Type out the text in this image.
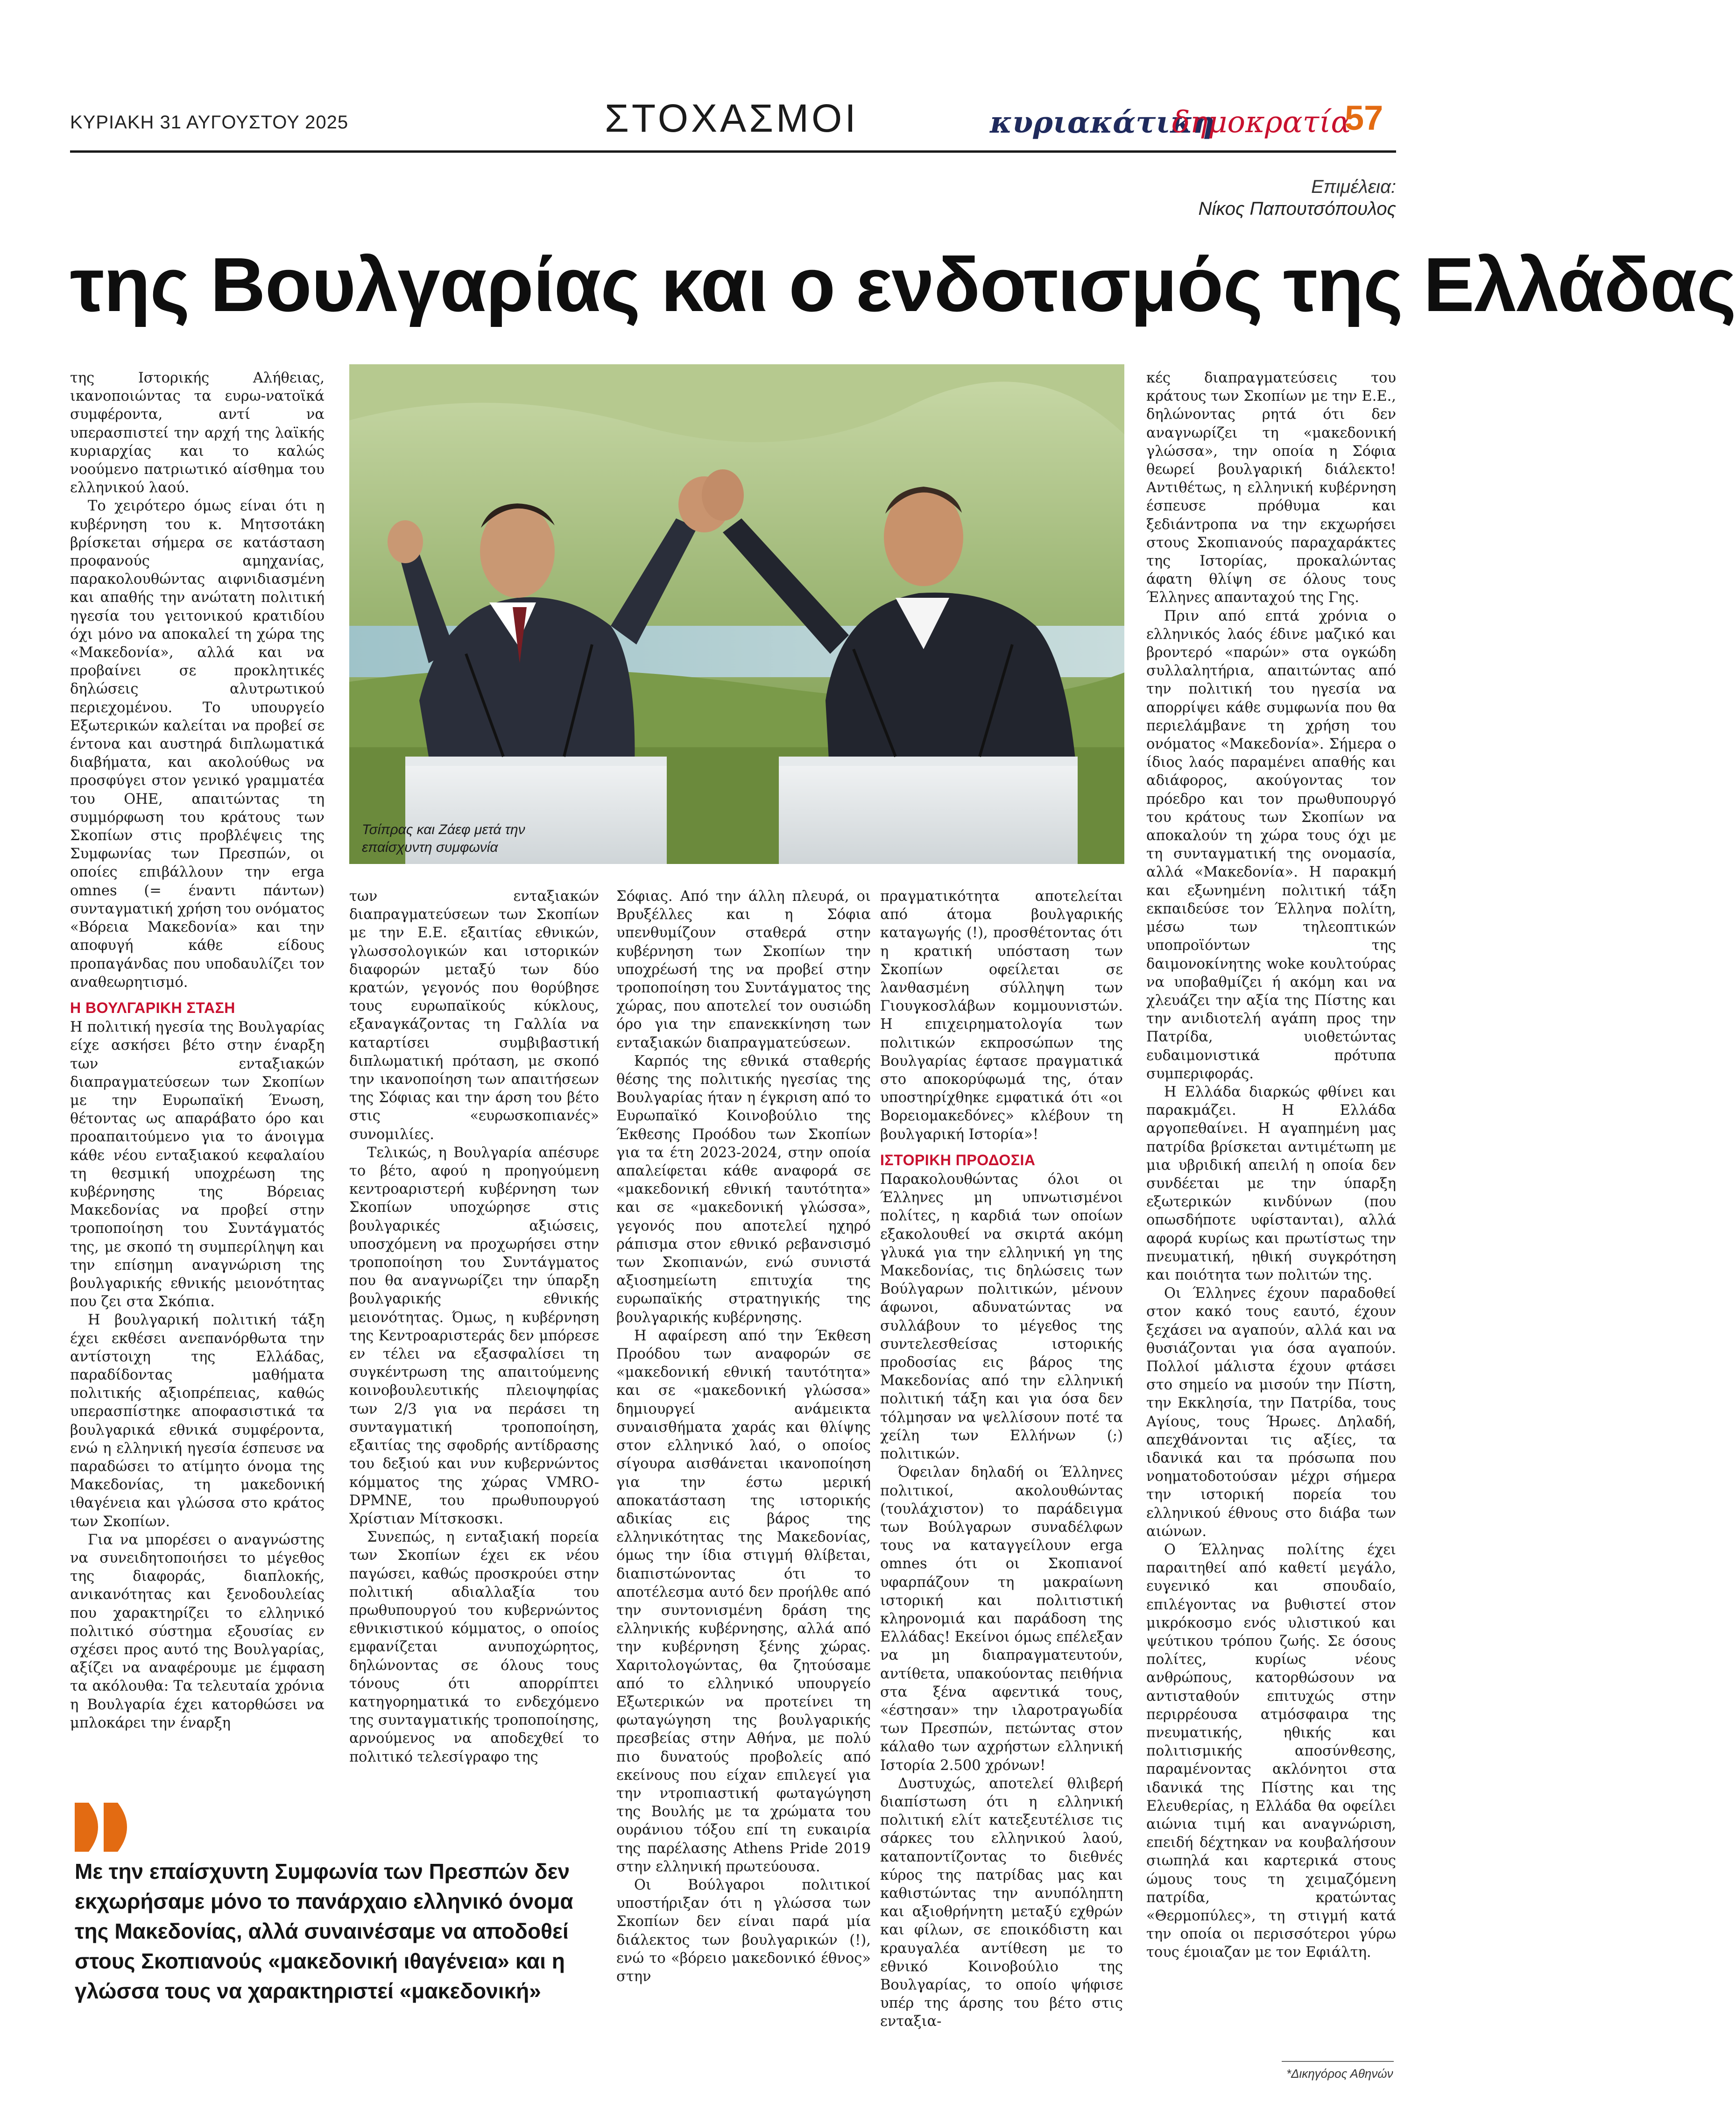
ΚΥΡΙΑΚΗ 31 ΑΥΓΟΥΣΤΟΥ 2025	ΣΤΟΧΑΣΜΟΙ	κυριακάτικη
δημοκρατία
57
Επιμέλεια:
Νίκος Παπουτσόπουλος
της Βουλγαρίας και ο ενδοτισμός της Ελλάδας

της Ιστορικής Αλήθειας, ικανοποιώντας τα ευρω-νατοϊκά συμφέροντα, αντί να υπερασπιστεί την αρχή της λαϊκής κυριαρχίας και το καλώς νοούμενο πατριωτικό αίσθημα του ελληνικού λαού.

Το χειρότερο όμως είναι ότι η κυβέρνηση του κ. Μητσοτάκη βρίσκεται σήμερα σε κατάσταση προφανούς αμηχανίας, παρακολουθώντας αιφνιδιασμένη και απαθής την ανώτατη πολιτική ηγεσία του γειτονικού κρατιδίου όχι μόνο να αποκαλεί τη χώρα της «Μακεδονία», αλλά και να προβαίνει σε προκλητικές δηλώσεις αλυτρωτικού περιεχομένου. Το υπουργείο Εξωτερικών καλείται να προβεί σε έντονα και αυστηρά διπλωματικά διαβήματα, και ακολούθως να προσφύγει στον γενικό γραμματέα του ΟΗΕ, απαιτώντας τη συμμόρφωση του κράτους των Σκοπίων στις προβλέψεις της Συμφωνίας των Πρεσπών, οι οποίες επιβάλλουν την erga omnes (= έναντι πάντων) συνταγματική χρήση του ονόματος «Βόρεια Μακεδονία» και την αποφυγή κάθε είδους προπαγάνδας που υποδαυλίζει τον αναθεωρητισμό.

Η ΒΟΥΛΓΑΡΙΚΗ ΣΤΑΣΗ

Η πολιτική ηγεσία της Βουλγαρίας είχε ασκήσει βέτο στην έναρξη των ενταξιακών διαπραγματεύσεων των Σκοπίων με την Ευρωπαϊκή Ένωση, θέτοντας ως απαράβατο όρο και προαπαιτούμενο για το άνοιγμα κάθε νέου ενταξιακού κεφαλαίου τη θεσμική υποχρέωση της κυβέρνησης της Βόρειας Μακεδονίας να προβεί στην τροποποίηση του Συντάγματός της, με σκοπό τη συμπερίληψη και την επίσημη αναγνώριση της βουλγαρικής εθνικής μειονότητας που ζει στα Σκόπια.

Η βουλγαρική πολιτική τάξη έχει εκθέσει ανεπανόρθωτα την αντίστοιχη της Ελλάδας, παραδίδοντας μαθήματα πολιτικής αξιοπρέπειας, καθώς υπερασπίστηκε αποφασιστικά τα βουλγαρικά εθνικά συμφέροντα, ενώ η ελληνική ηγεσία έσπευσε να παραδώσει το ατίμητο όνομα της Μακεδονίας, τη μακεδονική ιθαγένεια και γλώσσα στο κράτος των Σκοπίων.

Για να μπορέσει ο αναγνώστης να συνειδητοποιήσει το μέγεθος της διαφοράς, διαπλοκής, ανικανότητας και ξενοδουλείας που χαρακτηρίζει το ελληνικό πολιτικό σύστημα εξουσίας εν σχέσει προς αυτό της Βουλγαρίας, αξίζει να αναφέρουμε με έμφαση τα ακόλουθα: Τα τελευταία χρόνια η Βουλγαρία έχει κατορθώσει να μπλοκάρει την έναρξη

Τσίπρας και Ζάεφ μετά την επαίσχυντη συμφωνία

των ενταξιακών διαπραγματεύσεων των Σκοπίων με την Ε.Ε. εξαιτίας εθνικών, γλωσσολογικών και ιστορικών διαφορών μεταξύ των δύο κρατών, γεγονός που θορύβησε τους ευρωπαϊκούς κύκλους, εξαναγκάζοντας τη Γαλλία να καταρτίσει συμβιβαστική διπλωματική πρόταση, με σκοπό την ικανοποίηση των απαιτήσεων της Σόφιας και την άρση του βέτο στις «ευρωσκοπιανές» συνομιλίες.

Τελικώς, η Βουλγαρία απέσυρε το βέτο, αφού η προηγούμενη κεντροαριστερή κυβέρνηση των Σκοπίων υποχώρησε στις βουλγαρικές αξιώσεις, υποσχόμενη να προχωρήσει στην τροποποίηση του Συντάγματος που θα αναγνωρίζει την ύπαρξη βουλγαρικής εθνικής μειονότητας. Όμως, η κυβέρνηση της Κεντροαριστεράς δεν μπόρεσε εν τέλει να εξασφαλίσει τη συγκέντρωση της απαιτούμενης κοινοβουλευτικής πλειοψηφίας των 2/3 για να περάσει τη συνταγματική τροποποίηση, εξαιτίας της σφοδρής αντίδρασης του δεξιού και νυν κυβερνώντος κόμματος της χώρας VMRO-DPMNE, του πρωθυπουργού Χρίστιαν Μίτσκοσκι.

Συνεπώς, η ενταξιακή πορεία των Σκοπίων έχει εκ νέου παγώσει, καθώς προσκρούει στην πολιτική αδιαλλαξία του πρωθυπουργού του κυβερνώντος εθνικιστικού κόμματος, ο οποίος εμφανίζεται ανυποχώρητος, δηλώνοντας σε όλους τους τόνους ότι απορρίπτει κατηγορηματικά το ενδεχόμενο της συνταγματικής τροποποίησης, αρνούμενος να αποδεχθεί το πολιτικό τελεσίγραφο της

Σόφιας. Από την άλλη πλευρά, οι Βρυξέλλες και η Σόφια υπενθυμίζουν σταθερά στην κυβέρνηση των Σκοπίων την υποχρέωσή της να προβεί στην τροποποίηση του Συντάγματος της χώρας, που αποτελεί τον ουσιώδη όρο για την επανεκκίνηση των ενταξιακών διαπραγματεύσεων.

Καρπός της εθνικά σταθερής θέσης της πολιτικής ηγεσίας της Βουλγαρίας ήταν η έγκριση από το Ευρωπαϊκό Κοινοβούλιο της Έκθεσης Προόδου των Σκοπίων για τα έτη 2023-2024, στην οποία απαλείφεται κάθε αναφορά σε «μακεδονική εθνική ταυτότητα» και σε «μακεδονική γλώσσα», γεγονός που αποτελεί ηχηρό ράπισμα στον εθνικό ρεβανσισμό των Σκοπιανών, ενώ συνιστά αξιοσημείωτη επιτυχία της ευρωπαϊκής στρατηγικής της βουλγαρικής κυβέρνησης.

Η αφαίρεση από την Έκθεση Προόδου των αναφορών σε «μακεδονική εθνική ταυτότητα» και σε «μακεδονική γλώσσα» δημιουργεί ανάμεικτα συναισθήματα χαράς και θλίψης στον ελληνικό λαό, ο οποίος σίγουρα αισθάνεται ικανοποίηση για την έστω μερική αποκατάσταση της ιστορικής αδικίας εις βάρος της ελληνικότητας της Μακεδονίας, όμως την ίδια στιγμή θλίβεται, διαπιστώνοντας ότι το αποτέλεσμα αυτό δεν προήλθε από την συντονισμένη δράση της ελληνικής κυβέρνησης, αλλά από την κυβέρνηση ξένης χώρας. Χαριτολογώντας, θα ζητούσαμε από το ελληνικό υπουργείο Εξωτερικών να προτείνει τη φωταγώγηση της βουλγαρικής πρεσβείας στην Αθήνα, με πολύ πιο δυνατούς προβολείς από εκείνους που είχαν επιλεγεί για την ντροπιαστική φωταγώγηση της Βουλής με τα χρώματα του ουράνιου τόξου επί τη ευκαιρία της παρέλασης Athens Pride 2019 στην ελληνική πρωτεύουσα.

Οι Βούλγαροι πολιτικοί υποστήριξαν ότι η γλώσσα των Σκοπίων δεν είναι παρά μία διάλεκτος των βουλγαρικών (!), ενώ το «βόρειο μακεδονικό έθνος» στην

πραγματικότητα αποτελείται από άτομα βουλγαρικής καταγωγής (!), προσθέτοντας ότι η κρατική υπόσταση των Σκοπίων οφείλεται σε λανθασμένη σύλληψη των Γιουγκοσλάβων κομμουνιστών. Η επιχειρηματολογία των πολιτικών εκπροσώπων της Βουλγαρίας έφτασε πραγματικά στο αποκορύφωμά της, όταν υποστηρίχθηκε εμφατικά ότι «οι Βορειομακεδόνες» κλέβουν τη βουλγαρική Ιστορία»!

ΙΣΤΟΡΙΚΗ ΠΡΟΔΟΣΙΑ

Παρακολουθώντας όλοι οι Έλληνες μη υπνωτισμένοι πολίτες, η καρδιά των οποίων εξακολουθεί να σκιρτά ακόμη γλυκά για την ελληνική γη της Μακεδονίας, τις δηλώσεις των Βούλγαρων πολιτικών, μένουν άφωνοι, αδυνατώντας να συλλάβουν το μέγεθος της συντελεσθείσας ιστορικής προδοσίας εις βάρος της Μακεδονίας από την ελληνική πολιτική τάξη και για όσα δεν τόλμησαν να ψελλίσουν ποτέ τα χείλη των Ελλήνων (;) πολιτικών.

Όφειλαν δηλαδή οι Έλληνες πολιτικοί, ακολουθώντας (τουλάχιστον) το παράδειγμα των Βούλγαρων συναδέλφων τους να καταγγείλουν erga omnes ότι οι Σκοπιανοί υφαρπάζουν τη μακραίωνη ιστορική και πολιτιστική κληρονομιά και παράδοση της Ελλάδας! Εκείνοι όμως επέλεξαν να μη διαπραγματευτούν, αντίθετα, υπακούοντας πειθήνια στα ξένα αφεντικά τους, «έστησαν» την ιλαροτραγωδία των Πρεσπών, πετώντας στον κάλαθο των αχρήστων ελληνική Ιστορία 2.500 χρόνων!

Δυστυχώς, αποτελεί θλιβερή διαπίστωση ότι η ελληνική πολιτική ελίτ κατεξευτέλισε τις σάρκες του ελληνικού λαού, καταποντίζοντας το διεθνές κύρος της πατρίδας μας και καθιστώντας την ανυπόληπτη και αξιοθρήνητη μεταξύ εχθρών και φίλων, σε εποικόδιστη και κραυγαλέα αντίθεση με το εθνικό Κοινοβούλιο της Βουλγαρίας, το οποίο ψήφισε υπέρ της άρσης του βέτο στις ενταξια-

κές διαπραγματεύσεις του κράτους των Σκοπίων με την Ε.Ε., δηλώνοντας ρητά ότι δεν αναγνωρίζει τη «μακεδονική γλώσσα», την οποία η Σόφια θεωρεί βουλγαρική διάλεκτο! Αντιθέτως, η ελληνική κυβέρνηση έσπευσε πρόθυμα και ξεδιάντροπα να την εκχωρήσει στους Σκοπιανούς παραχαράκτες της Ιστορίας, προκαλώντας άφατη θλίψη σε όλους τους Έλληνες απανταχού της Γης.

Πριν από επτά χρόνια ο ελληνικός λαός έδινε μαζικό και βροντερό «παρών» στα ογκώδη συλλαλητήρια, απαιτώντας από την πολιτική του ηγεσία να απορρίψει κάθε συμφωνία που θα περιελάμβανε τη χρήση του ονόματος «Μακεδονία». Σήμερα ο ίδιος λαός παραμένει απαθής και αδιάφορος, ακούγοντας τον πρόεδρο και τον πρωθυπουργό του κράτους των Σκοπίων να αποκαλούν τη χώρα τους όχι με τη συνταγματική της ονομασία, αλλά «Μακεδονία». Η παρακμή και εξωνημένη πολιτική τάξη εκπαιδεύσε τον Έλληνα πολίτη, μέσω των τηλεοπτικών υποπροϊόντων της δαιμονοκίνητης woke κουλτούρας να υποβαθμίζει ή ακόμη και να χλευάζει την αξία της Πίστης και την ανιδιοτελή αγάπη προς την Πατρίδα, υιοθετώντας ευδαιμονιστικά πρότυπα συμπεριφοράς.

Η Ελλάδα διαρκώς φθίνει και παρακμάζει. Η Ελλάδα αργοπεθαίνει. Η αγαπημένη μας πατρίδα βρίσκεται αντιμέτωπη με μια υβριδική απειλή η οποία δεν συνδέεται με την ύπαρξη εξωτερικών κινδύνων (που οπωσδήποτε υφίστανται), αλλά αφορά κυρίως και πρωτίστως την πνευματική, ηθική συγκρότηση και ποιότητα των πολιτών της.

Οι Έλληνες έχουν παραδοθεί στον κακό τους εαυτό, έχουν ξεχάσει να αγαπούν, αλλά και να θυσιάζονται για όσα αγαπούν. Πολλοί μάλιστα έχουν φτάσει στο σημείο να μισούν την Πίστη, την Εκκλησία, την Πατρίδα, τους Αγίους, τους Ήρωες. Δηλαδή, απεχθάνονται τις αξίες, τα ιδανικά και τα πρόσωπα που νοηματοδοτούσαν μέχρι σήμερα την ιστορική πορεία του ελληνικού έθνους στο διάβα των αιώνων.

Ο Έλληνας πολίτης έχει παραιτηθεί από καθετί μεγάλο, ευγενικό και σπουδαίο, επιλέγοντας να βυθιστεί στον μικρόκοσμο ενός υλιστικού και ψεύτικου τρόπου ζωής. Σε όσους πολίτες, κυρίως νέους ανθρώπους, κατορθώσουν να αντισταθούν επιτυχώς στην περιρρέουσα ατμόσφαιρα της πνευματικής, ηθικής και πολιτισμικής αποσύνθεσης, παραμένοντας ακλόνητοι στα ιδανικά της Πίστης και της Ελευθερίας, η Ελλάδα θα οφείλει αιώνια τιμή και αναγνώριση, επειδή δέχτηκαν να κουβαλήσουν σιωπηλά και καρτερικά στους ώμους τους τη χειμαζόμενη πατρίδα, κρατώντας «Θερμοπύλες», τη στιγμή κατά την οποία οι περισσότεροι γύρω τους έμοιαζαν με τον Εφιάλτη.

Με την επαίσχυντη Συμφωνία των Πρεσπών δεν εκχωρήσαμε μόνο το πανάρχαιο ελληνικό όνομα της Μακεδονίας, αλλά συναινέσαμε να αποδοθεί στους Σκοπιανούς «μακεδονική ιθαγένεια» και η γλώσσα τους να χαρακτηριστεί «μακεδονική»
*Δικηγόρος Αθηνών
